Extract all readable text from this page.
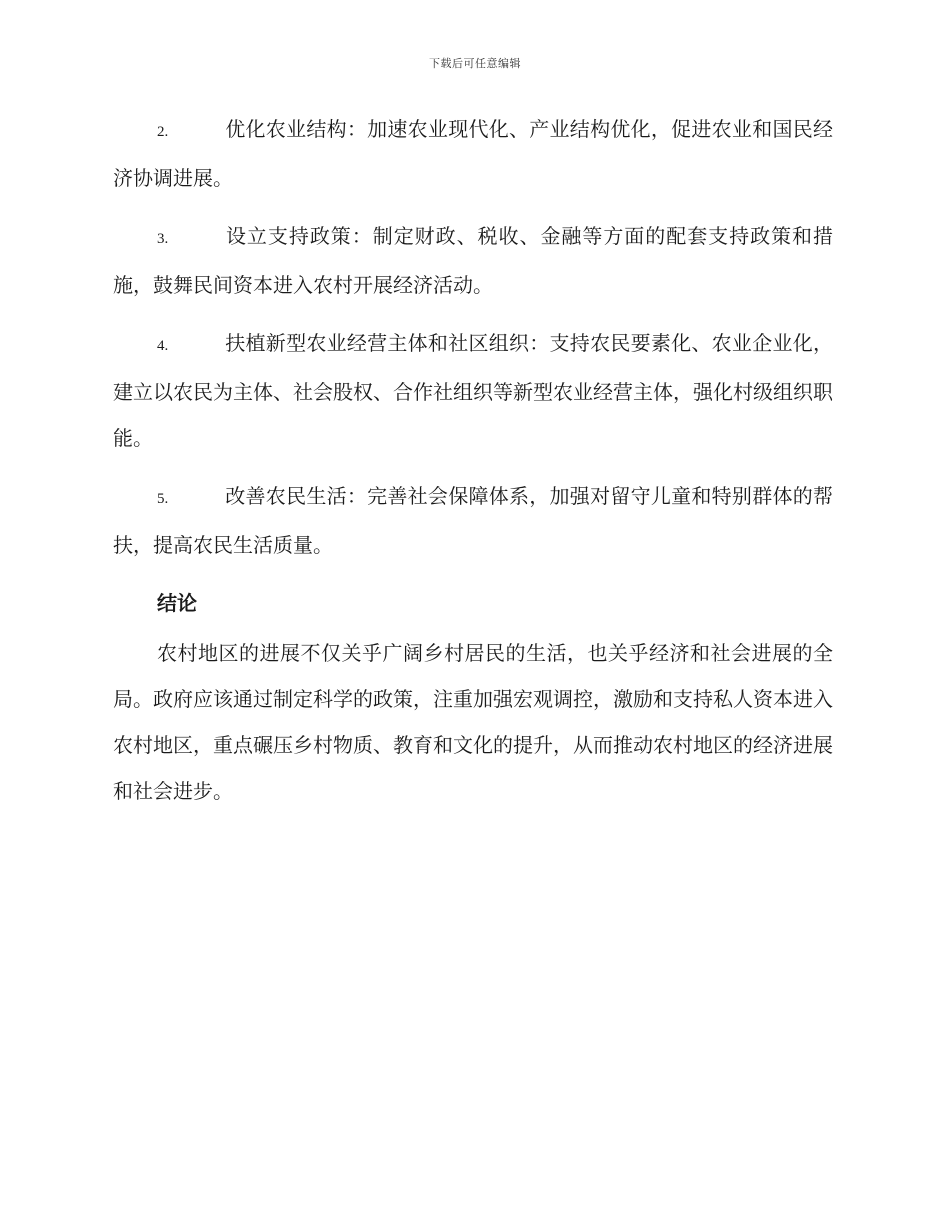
下载后可任意编辑

2.	优化农业结构：加速农业现代化、产业结构优化，促进农业和国民经济协调进展。

3.	设立支持政策：制定财政、税收、金融等方面的配套支持政策和措施，鼓舞民间资本进入农村开展经济活动。

4.	扶植新型农业经营主体和社区组织：支持农民要素化、农业企业化，建立以农民为主体、社会股权、合作社组织等新型农业经营主体，强化村级组织职能。

5.	改善农民生活：完善社会保障体系，加强对留守儿童和特别群体的帮扶，提高农民生活质量。

结论

农村地区的进展不仅关乎广阔乡村居民的生活，也关乎经济和社会进展的全局。政府应该通过制定科学的政策，注重加强宏观调控，激励和支持私人资本进入农村地区，重点碾压乡村物质、教育和文化的提升，从而推动农村地区的经济进展和社会进步。
